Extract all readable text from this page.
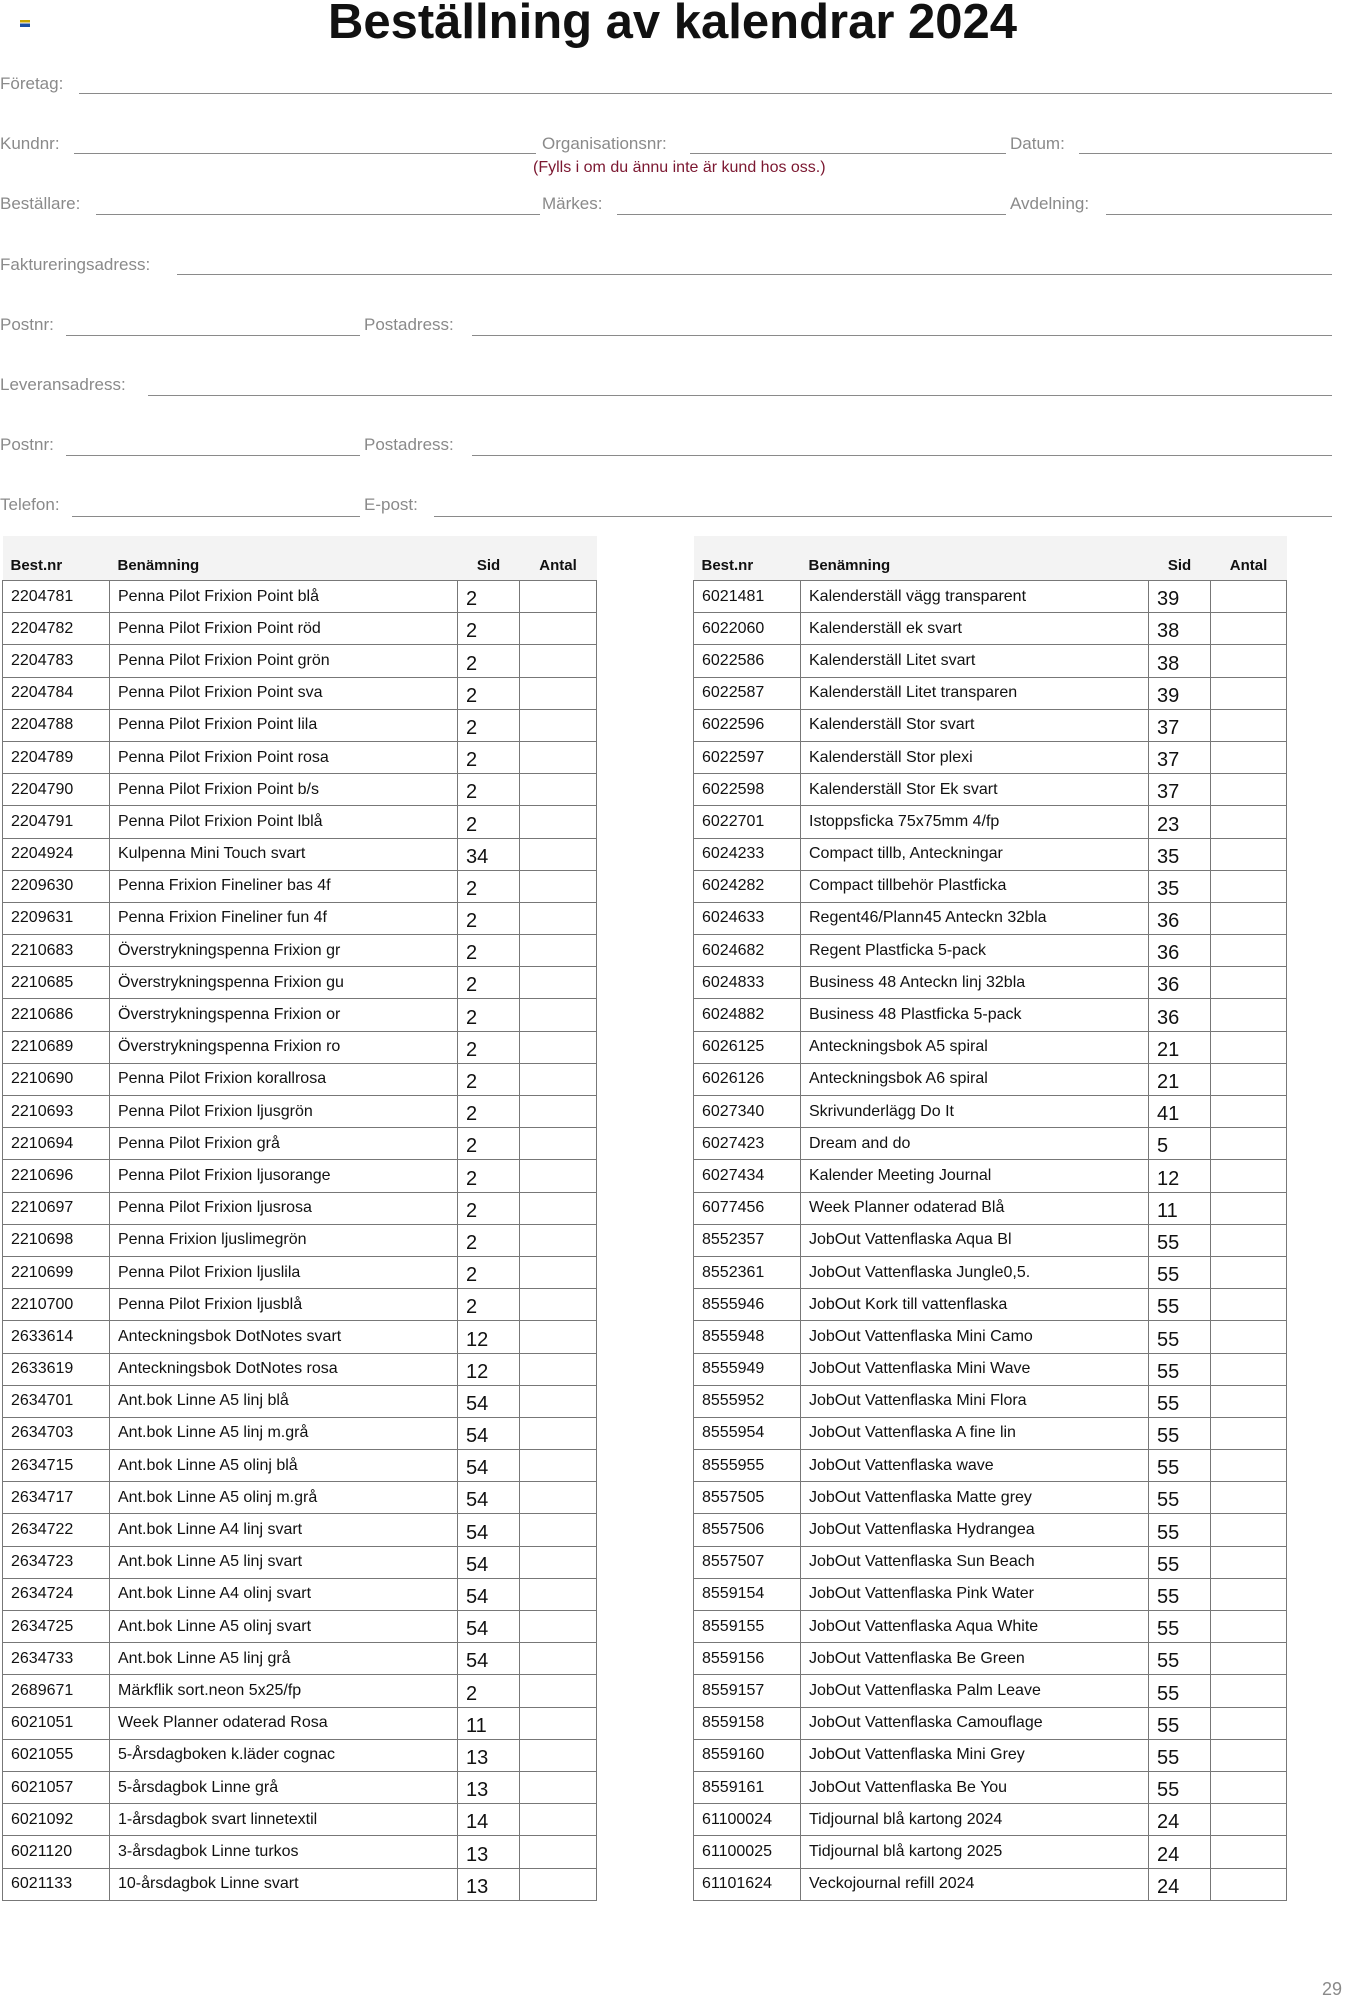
Beställning av kalendrar 2024
Företag:
Kundnr:	Organisationsnr:	Datum:
(Fylls i om du ännu inte är kund hos oss.)
Beställare:	Märkes:	Avdelning:
Faktureringsadress:
Postnr:	Postadress:
Leveransadress:
Postnr:	Postadress:
Telefon:	E-post:
Best.nr	Benämning	Sid	Antal
2204781	Penna Pilot Frixion Point blå	2	
2204782	Penna Pilot Frixion Point röd	2	
2204783	Penna Pilot Frixion Point grön	2	
2204784	Penna Pilot Frixion Point sva	2	
2204788	Penna Pilot Frixion Point lila	2	
2204789	Penna Pilot Frixion Point rosa	2	
2204790	Penna Pilot Frixion Point b/s	2	
2204791	Penna Pilot Frixion Point lblå	2	
2204924	Kulpenna Mini Touch svart	34	
2209630	Penna Frixion Fineliner bas 4f	2	
2209631	Penna Frixion Fineliner fun 4f	2	
2210683	Överstrykningspenna Frixion gr	2	
2210685	Överstrykningspenna Frixion gu	2	
2210686	Överstrykningspenna Frixion or	2	
2210689	Överstrykningspenna Frixion ro	2	
2210690	Penna Pilot Frixion korallrosa	2	
2210693	Penna Pilot Frixion ljusgrön	2	
2210694	Penna Pilot Frixion grå	2	
2210696	Penna Pilot Frixion ljusorange	2	
2210697	Penna Pilot Frixion ljusrosa	2	
2210698	Penna Frixion ljuslimegrön	2	
2210699	Penna Pilot Frixion ljuslila	2	
2210700	Penna Pilot Frixion ljusblå	2	
2633614	Anteckningsbok DotNotes svart	12	
2633619	Anteckningsbok DotNotes rosa	12	
2634701	Ant.bok Linne A5 linj blå	54	
2634703	Ant.bok Linne A5 linj m.grå	54	
2634715	Ant.bok Linne A5 olinj blå	54	
2634717	Ant.bok Linne A5 olinj m.grå	54	
2634722	Ant.bok Linne A4 linj svart	54	
2634723	Ant.bok Linne A5 linj svart	54	
2634724	Ant.bok Linne A4 olinj svart	54	
2634725	Ant.bok Linne A5 olinj svart	54	
2634733	Ant.bok Linne A5 linj grå	54	
2689671	Märkflik sort.neon 5x25/fp	2	
6021051	Week Planner odaterad Rosa	11	
6021055	5-Årsdagboken k.läder cognac	13	
6021057	5-årsdagbok Linne grå	13	
6021092	1-årsdagbok svart linnetextil	14	
6021120	3-årsdagbok Linne turkos	13	
6021133	10-årsdagbok Linne svart	13	
Best.nr	Benämning	Sid	Antal
6021481	Kalenderställ vägg transparent	39	
6022060	Kalenderställ ek svart	38	
6022586	Kalenderställ Litet svart	38	
6022587	Kalenderställ Litet transparen	39	
6022596	Kalenderställ Stor svart	37	
6022597	Kalenderställ Stor plexi	37	
6022598	Kalenderställ Stor Ek svart	37	
6022701	Istoppsficka 75x75mm 4/fp	23	
6024233	Compact tillb, Anteckningar	35	
6024282	Compact tillbehör Plastficka	35	
6024633	Regent46/Plann45 Anteckn 32bla	36	
6024682	Regent Plastficka 5-pack	36	
6024833	Business 48 Anteckn linj 32bla	36	
6024882	Business 48 Plastficka 5-pack	36	
6026125	Anteckningsbok A5 spiral	21	
6026126	Anteckningsbok A6 spiral	21	
6027340	Skrivunderlägg Do It	41	
6027423	Dream and do	5	
6027434	Kalender Meeting Journal	12	
6077456	Week Planner odaterad Blå	11	
8552357	JobOut Vattenflaska Aqua Bl	55	
8552361	JobOut Vattenflaska Jungle0,5.	55	
8555946	JobOut Kork till vattenflaska	55	
8555948	JobOut Vattenflaska Mini Camo	55	
8555949	JobOut Vattenflaska Mini Wave	55	
8555952	JobOut Vattenflaska Mini Flora	55	
8555954	JobOut Vattenflaska A fine lin	55	
8555955	JobOut Vattenflaska wave	55	
8557505	JobOut Vattenflaska Matte grey	55	
8557506	JobOut Vattenflaska Hydrangea	55	
8557507	JobOut Vattenflaska Sun Beach	55	
8559154	JobOut Vattenflaska Pink Water	55	
8559155	JobOut Vattenflaska Aqua White	55	
8559156	JobOut Vattenflaska Be Green	55	
8559157	JobOut Vattenflaska Palm Leave	55	
8559158	JobOut Vattenflaska Camouflage	55	
8559160	JobOut Vattenflaska Mini Grey	55	
8559161	JobOut Vattenflaska Be You	55	
61100024	Tidjournal blå kartong 2024	24	
61100025	Tidjournal blå kartong 2025	24	
61101624	Veckojournal refill 2024	24	
29
